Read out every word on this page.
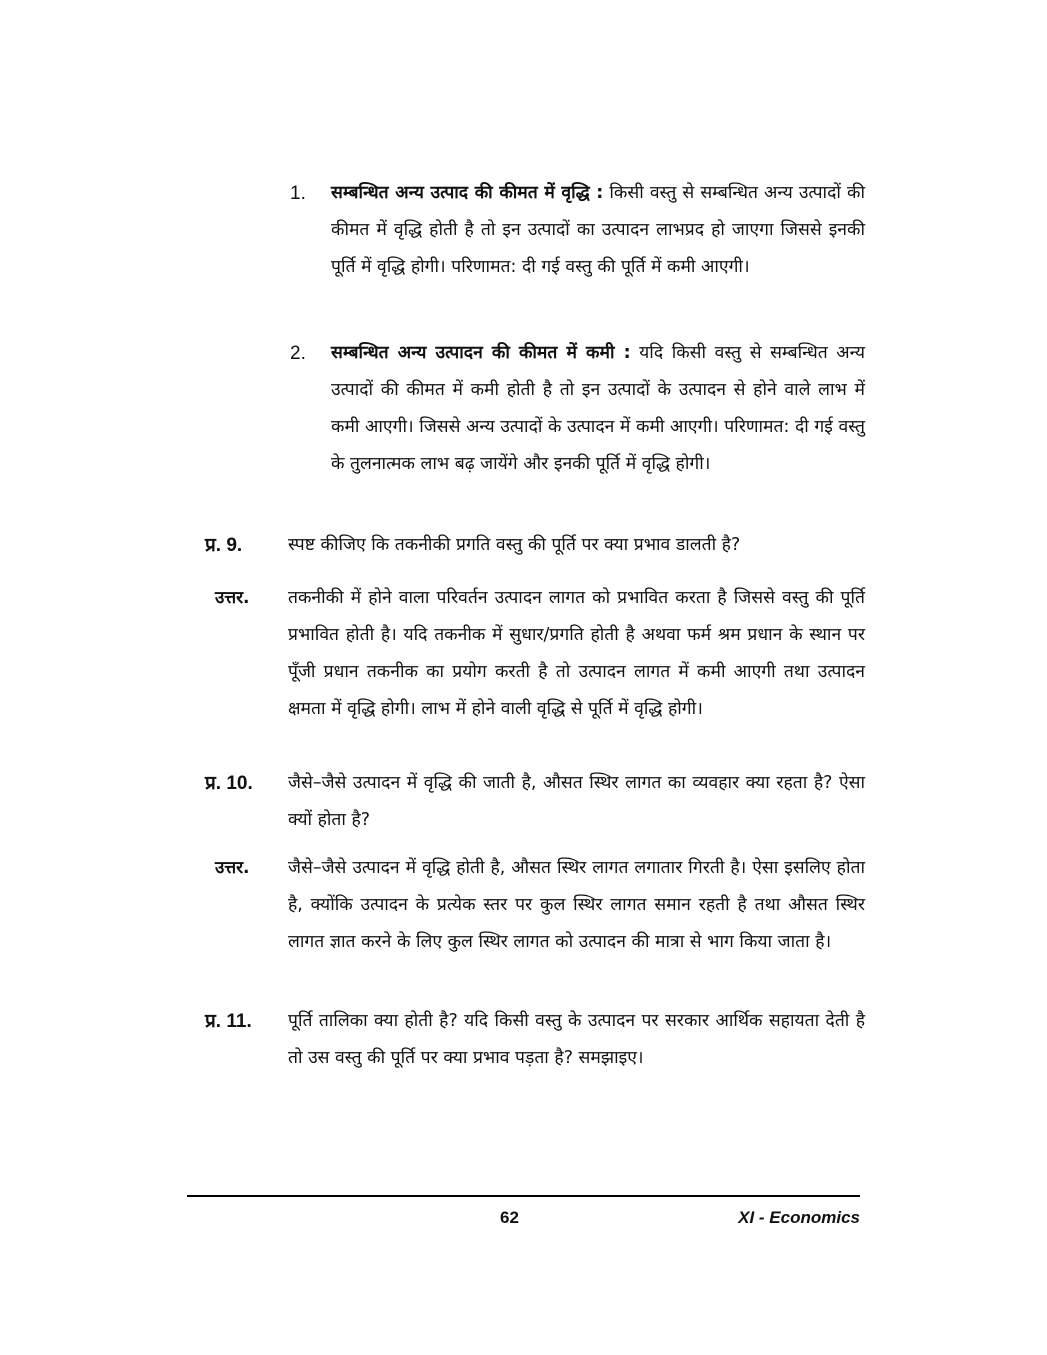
1. सम्बन्धित अन्य उत्पाद की कीमत में वृद्धि : किसी वस्तु से सम्बन्धित अन्य उत्पादों की कीमत में वृद्धि होती है तो इन उत्पादों का उत्पादन लाभप्रद हो जाएगा जिससे इनकी पूर्ति में वृद्धि होगी। परिणामत: दी गई वस्तु की पूर्ति में कमी आएगी।
2. सम्बन्धित अन्य उत्पादन की कीमत में कमी : यदि किसी वस्तु से सम्बन्धित अन्य उत्पादों की कीमत में कमी होती है तो इन उत्पादों के उत्पादन से होने वाले लाभ में कमी आएगी। जिससे अन्य उत्पादों के उत्पादन में कमी आएगी। परिणामत: दी गई वस्तु के तुलनात्मक लाभ बढ़ जायेंगे और इनकी पूर्ति में वृद्धि होगी।
प्र. 9.	स्पष्ट कीजिए कि तकनीकी प्रगति वस्तु की पूर्ति पर क्या प्रभाव डालती है?
उत्तर.	तकनीकी में होने वाला परिवर्तन उत्पादन लागत को प्रभावित करता है जिससे वस्तु की पूर्ति प्रभावित होती है। यदि तकनीक में सुधार/प्रगति होती है अथवा फर्म श्रम प्रधान के स्थान पर पूँजी प्रधान तकनीक का प्रयोग करती है तो उत्पादन लागत में कमी आएगी तथा उत्पादन क्षमता में वृद्धि होगी। लाभ में होने वाली वृद्धि से पूर्ति में वृद्धि होगी।
प्र. 10.	जैसे–जैसे उत्पादन में वृद्धि की जाती है, औसत स्थिर लागत का व्यवहार क्या रहता है? ऐसा क्यों होता है?
उत्तर.	जैसे–जैसे उत्पादन में वृद्धि होती है, औसत स्थिर लागत लगातार गिरती है। ऐसा इसलिए होता है, क्योंकि उत्पादन के प्रत्येक स्तर पर कुल स्थिर लागत समान रहती है तथा औसत स्थिर लागत ज्ञात करने के लिए कुल स्थिर लागत को उत्पादन की मात्रा से भाग किया जाता है।
प्र. 11.	पूर्ति तालिका क्या होती है? यदि किसी वस्तु के उत्पादन पर सरकार आर्थिक सहायता देती है तो उस वस्तु की पूर्ति पर क्या प्रभाव पड़ता है? समझाइए।
62	XI - Economics
